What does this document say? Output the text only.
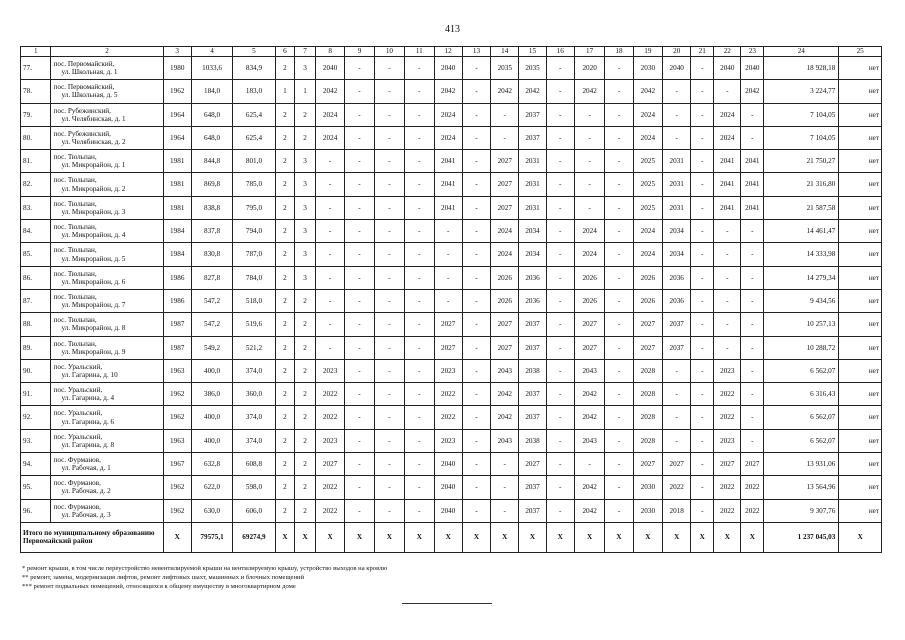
413
1	2	3	4	5	6	7	8	9	10	11	12	13	14	15	16	17	18	19	20	21	22	23	24	25
77.	пос. Первомайский,
ул. Школьная, д. 1	1980	1033,6	834,9	2	3	2040	-	-	-	2040	-	2035	2035	-	2020	-	2030	2040	-	2040	2040	18 928,18	нет
78.	пос. Первомайский,
ул. Школьная, д. 5	1962	184,0	183,0	1	1	2042	-	-	-	2042	-	2042	2042	-	2042	-	2042	-	-	-	2042	3 224,77	нет
79.	пос. Рубежинский,
ул. Челябинская, д. 1	1964	648,0	625,4	2	2	2024	-	-	-	2024	-	-	2037	-	-	-	2024	-	-	2024	-	7 104,05	нет
80.	пос. Рубежинский,
ул. Челябинская, д. 2	1964	648,0	625,4	2	2	2024	-	-	-	2024	-	-	2037	-	-	-	2024	-	-	2024	-	7 104,05	нет
81.	пос. Тюльпан,
ул. Микрорайон, д. 1	1981	844,8	801,0	2	3	-	-	-	-	2041	-	2027	2031	-	-	-	2025	2031	-	2041	2041	21 750,27	нет
82.	пос. Тюльпан,
ул. Микрорайон, д. 2	1981	869,8	785,0	2	3	-	-	-	-	2041	-	2027	2031	-	-	-	2025	2031	-	2041	2041	21 316,80	нет
83.	пос. Тюльпан,
ул. Микрорайон, д. 3	1981	838,8	795,0	2	3	-	-	-	-	2041	-	2027	2031	-	-	-	2025	2031	-	2041	2041	21 587,58	нет
84.	пос. Тюльпан,
ул. Микрорайон, д. 4	1984	837,8	794,0	2	3	-	-	-	-	-	-	2024	2034	-	2024	-	2024	2034	-	-	-	14 461,47	нет
85.	пос. Тюльпан,
ул. Микрорайон, д. 5	1984	830,8	787,0	2	3	-	-	-	-	-	-	2024	2034	-	2024	-	2024	2034	-	-	-	14 333,98	нет
86.	пос. Тюльпан,
ул. Микрорайон, д. 6	1986	827,8	784,0	2	3	-	-	-	-	-	-	2026	2036	-	2026	-	2026	2036	-	-	-	14 279,34	нет
87.	пос. Тюльпан,
ул. Микрорайон, д. 7	1986	547,2	518,0	2	2	-	-	-	-	-	-	2026	2036	-	2026	-	2026	2036	-	-	-	9 434,56	нет
88.	пос. Тюльпан,
ул. Микрорайон, д. 8	1987	547,2	519,6	2	2	-	-	-	-	2027	-	2027	2037	-	2027	-	2027	2037	-	-	-	10 257,13	нет
89.	пос. Тюльпан,
ул. Микрорайон, д. 9	1987	549,2	521,2	2	2	-	-	-	-	2027	-	2027	2037	-	2027	-	2027	2037	-	-	-	10 288,72	нет
90.	пос. Уральский,
ул. Гагарина, д. 10	1963	400,0	374,0	2	2	2023	-	-	-	2023	-	2043	2038	-	2043	-	2028	-	-	2023	-	6 562,07	нет
91.	пос. Уральский,
ул. Гагарина, д. 4	1962	386,0	360,0	2	2	2022	-	-	-	2022	-	2042	2037	-	2042	-	2028	-	-	2022	-	6 316,43	нет
92.	пос. Уральский,
ул. Гагарина, д. 6	1962	400,0	374,0	2	2	2022	-	-	-	2022	-	2042	2037	-	2042	-	2028	-	-	2022	-	6 562,07	нет
93.	пос. Уральский,
ул. Гагарина, д. 8	1963	400,0	374,0	2	2	2023	-	-	-	2023	-	2043	2038	-	2043	-	2028	-	-	2023	-	6 562,07	нет
94.	пос. Фурманов,
ул. Рабочая, д. 1	1967	632,8	608,8	2	2	2027	-	-	-	2040	-	-	2027	-	-	-	2027	2027	-	2027	2027	13 931,06	нет
95.	пос. Фурманов,
ул. Рабочая, д. 2	1962	622,0	598,0	2	2	2022	-	-	-	2040	-	-	2037	-	2042	-	2030	2022	-	2022	2022	13 564,96	нет
96.	пос. Фурманов,
ул. Рабочая, д. 3	1962	630,0	606,0	2	2	2022	-	-	-	2040	-	-	2037	-	2042	-	2030	2018	-	2022	2022	9 307,76	нет
Итого по муниципальному образованию Первомайский район		X	79575,1	69274,9	X	X	X	X	X	X	X	X	X	X	X	X	X	X	X	X	X	X	1 237 045,03	X
* ремонт крыши, в том числе переустройство невентилируемой крыши на вентилируемую крышу, устройство выходов на кровлю
** ремонт, замена, модернизация лифтов, ремонт лифтовых шахт, машинных и блочных помещений
*** ремонт подвальных помещений, относящихся к общему имуществу в многоквартирном доме
